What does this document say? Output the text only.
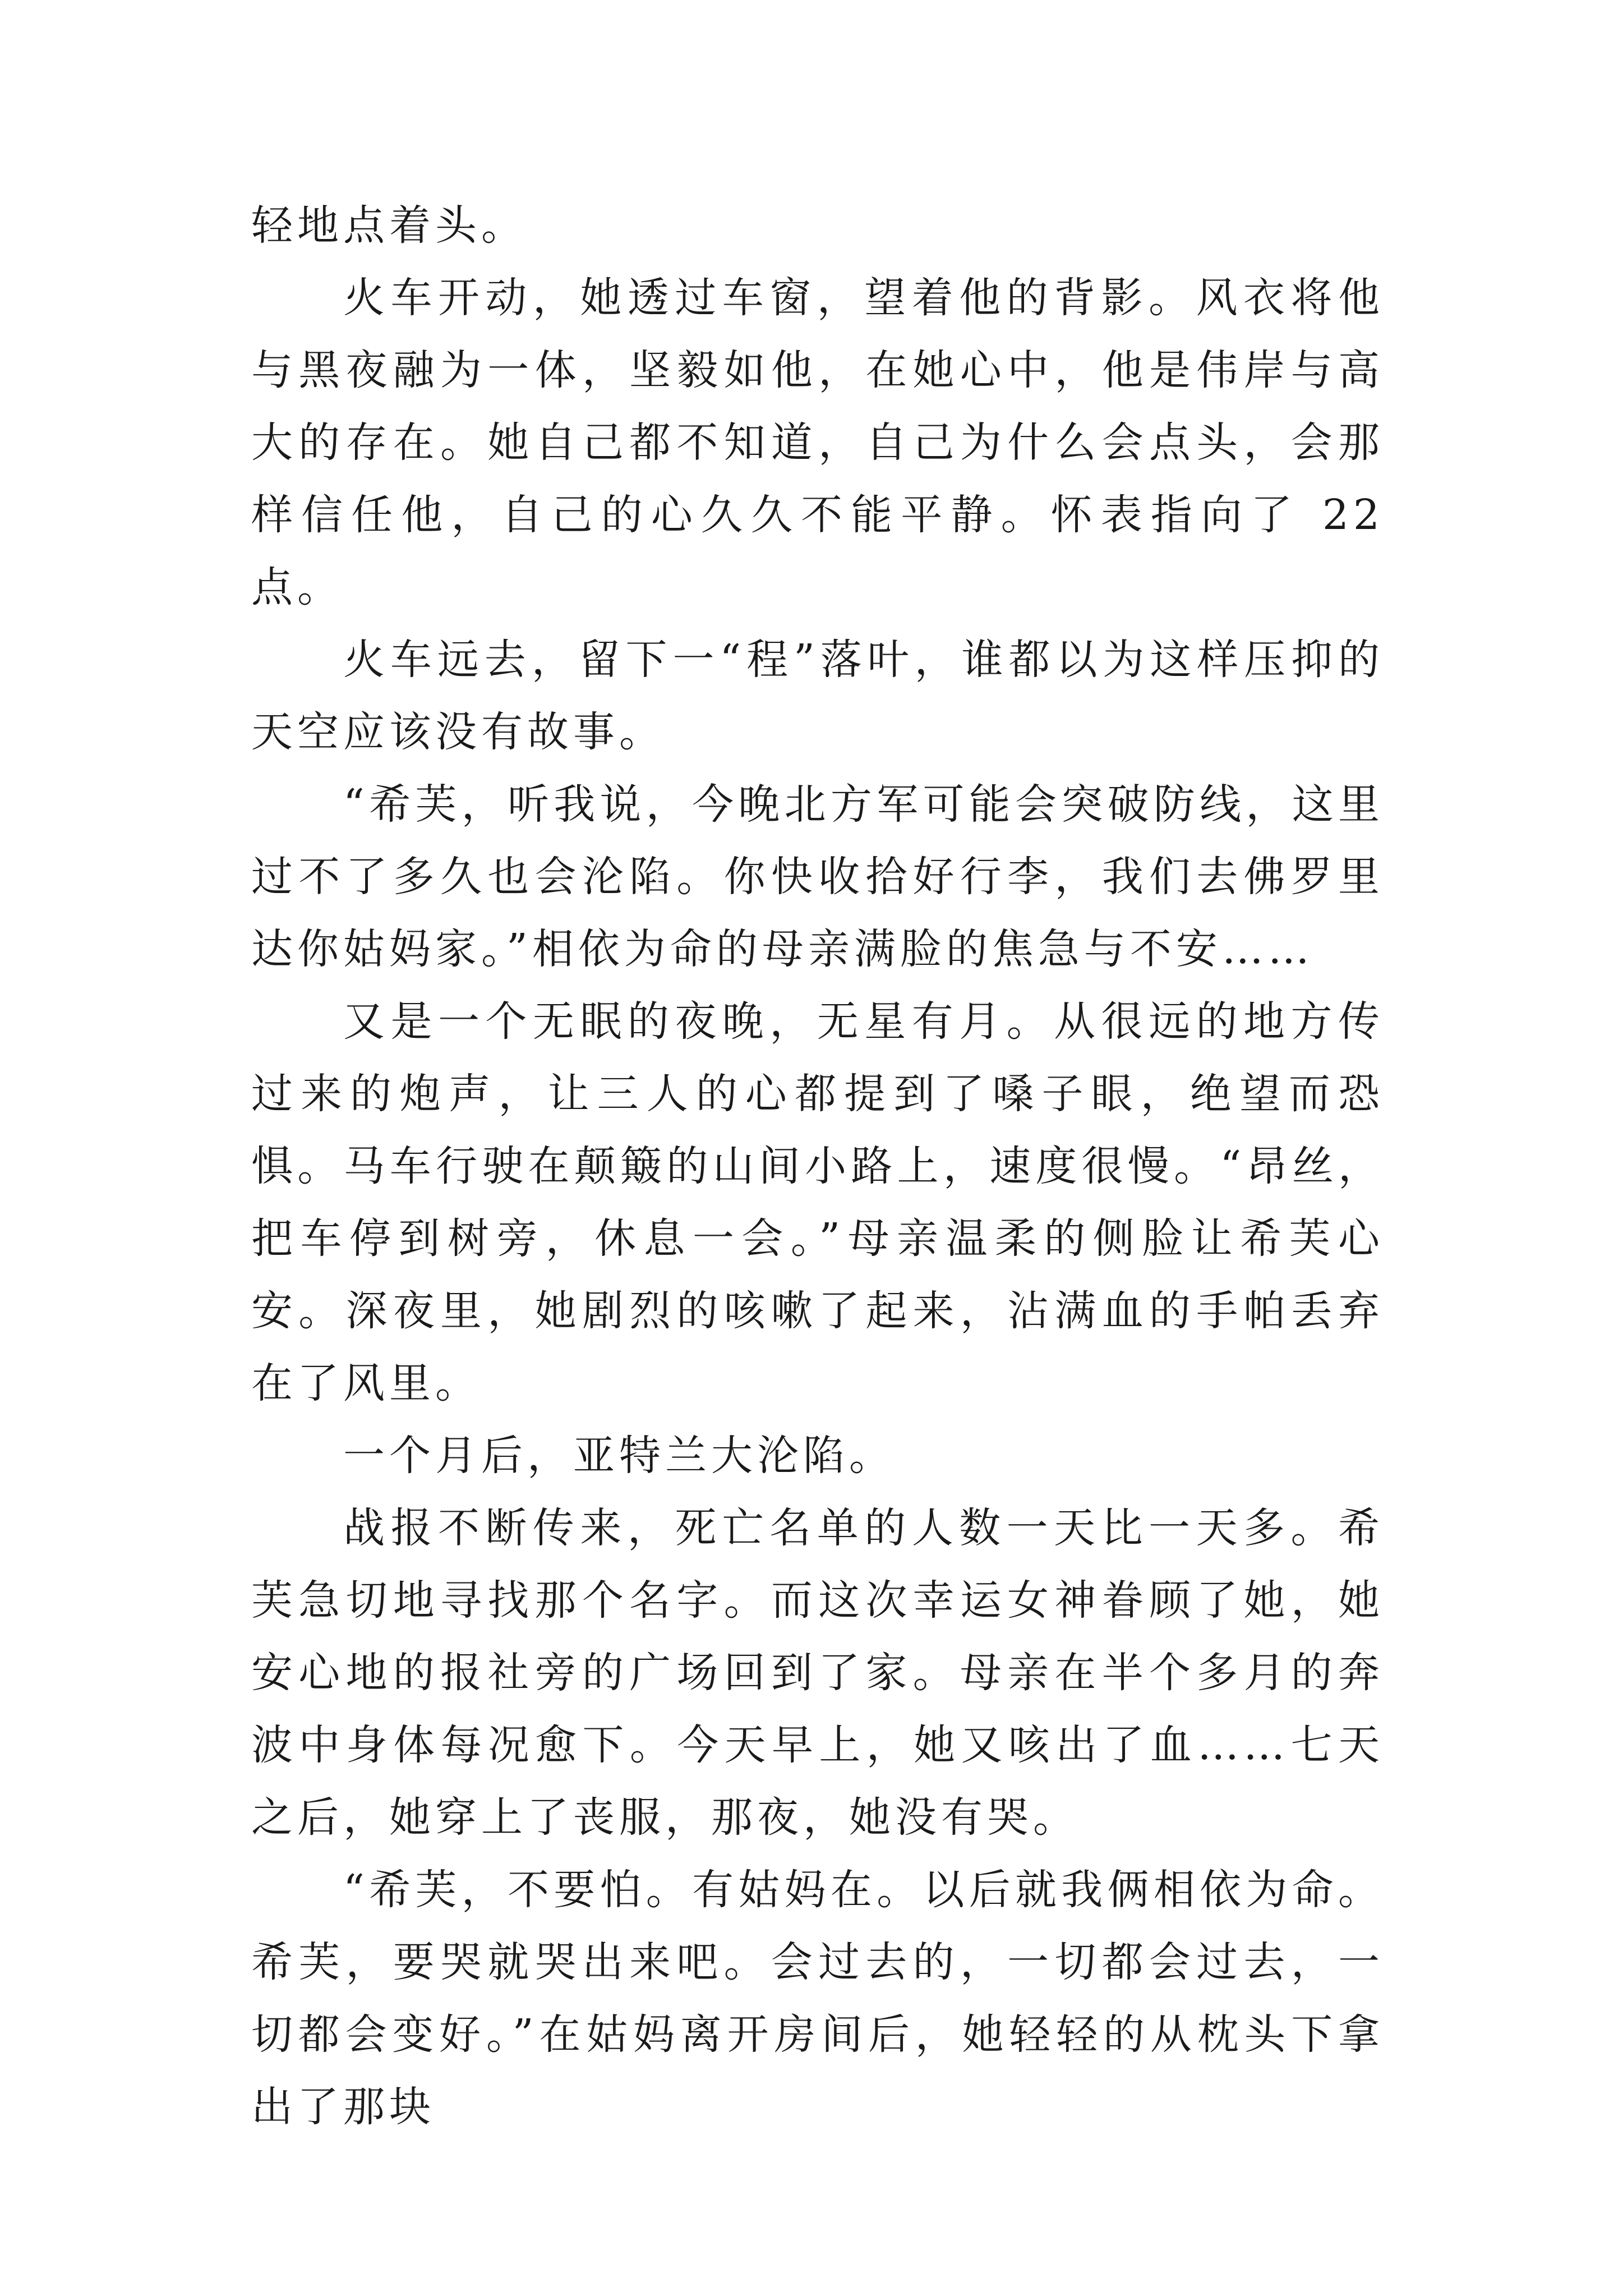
轻地点着头。

火车开动，她透过车窗，望着他的背影。风衣将他与黑夜融为一体，坚毅如他，在她心中，他是伟岸与高大的存在。她自己都不知道，自己为什么会点头，会那样信任他，自己的心久久不能平静。怀表指向了 22 点。

火车远去，留下一“程”落叶，谁都以为这样压抑的天空应该没有故事。

“希芙，听我说，今晚北方军可能会突破防线，这里过不了多久也会沦陷。你快收拾好行李，我们去佛罗里达你姑妈家。”相依为命的母亲满脸的焦急与不安……

又是一个无眠的夜晚，无星有月。从很远的地方传过来的炮声，让三人的心都提到了嗓子眼，绝望而恐惧。马车行驶在颠簸的山间小路上，速度很慢。“昂丝，把车停到树旁，休息一会。”母亲温柔的侧脸让希芙心安。深夜里，她剧烈的咳嗽了起来，沾满血的手帕丢弃在了风里。

一个月后，亚特兰大沦陷。

战报不断传来，死亡名单的人数一天比一天多。希芙急切地寻找那个名字。而这次幸运女神眷顾了她，她安心地的报社旁的广场回到了家。母亲在半个多月的奔波中身体每况愈下。今天早上，她又咳出了血……七天之后，她穿上了丧服，那夜，她没有哭。

“希芙，不要怕。有姑妈在。以后就我俩相依为命。希芙，要哭就哭出来吧。会过去的，一切都会过去，一切都会变好。”在姑妈离开房间后，她轻轻的从枕头下拿出了那块
